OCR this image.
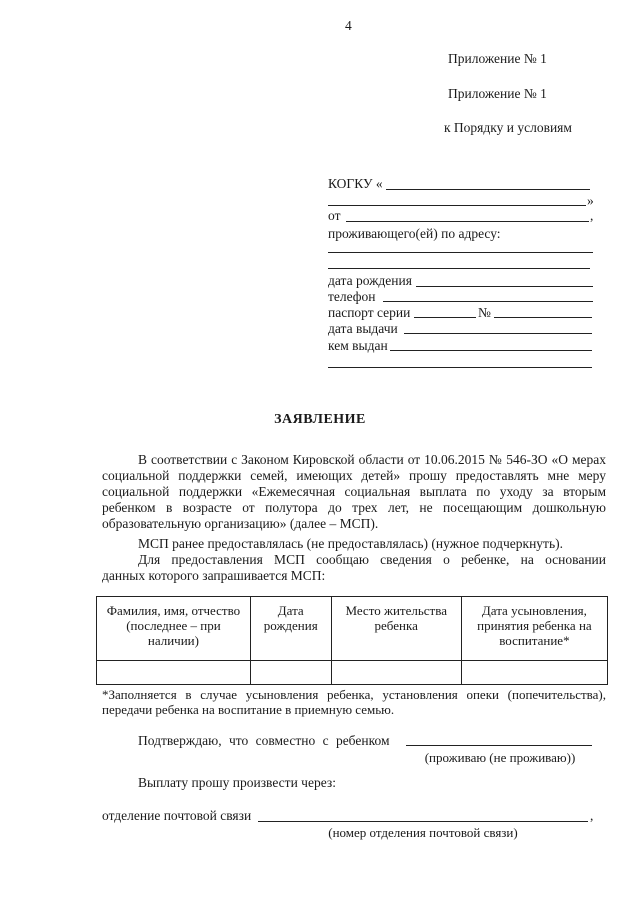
4
Приложение № 1
Приложение № 1
к Порядку и условиям
КОГКУ «
»
от	,
проживающего(ей) по адресу:
дата рождения
телефон
паспорт серии	№
дата выдачи
кем выдан
ЗАЯВЛЕНИЕ
В соответствии с Законом Кировской области от 10.06.2015 № 546-ЗО «О мерах социальной поддержки семей, имеющих детей» прошу предоставлять мне меру социальной поддержки «Ежемесячная социальная выплата по уходу за вторым ребенком в возрасте от полутора до трех лет, не посещающим дошкольную
образовательную организацию» (далее – МСП).
МСП ранее предоставлялась (не предоставлялась) (нужное подчеркнуть).
Для предоставления МСП сообщаю сведения о ребенке, на основании
данных которого запрашивается МСП:
Фамилия, имя, отчество (последнее – при наличии)	Дата рождения	Место жительства ребенка	Дата усыновления, принятия ребенка на воспитание*

*Заполняется в случае усыновления ребенка, установления опеки (попечительства),
передачи ребенка на воспитание в приемную семью.
Подтверждаю, что совместно с ребенком
(проживаю (не проживаю))
Выплату прошу произвести через:
отделение почтовой связи	,
(номер отделения почтовой связи)
